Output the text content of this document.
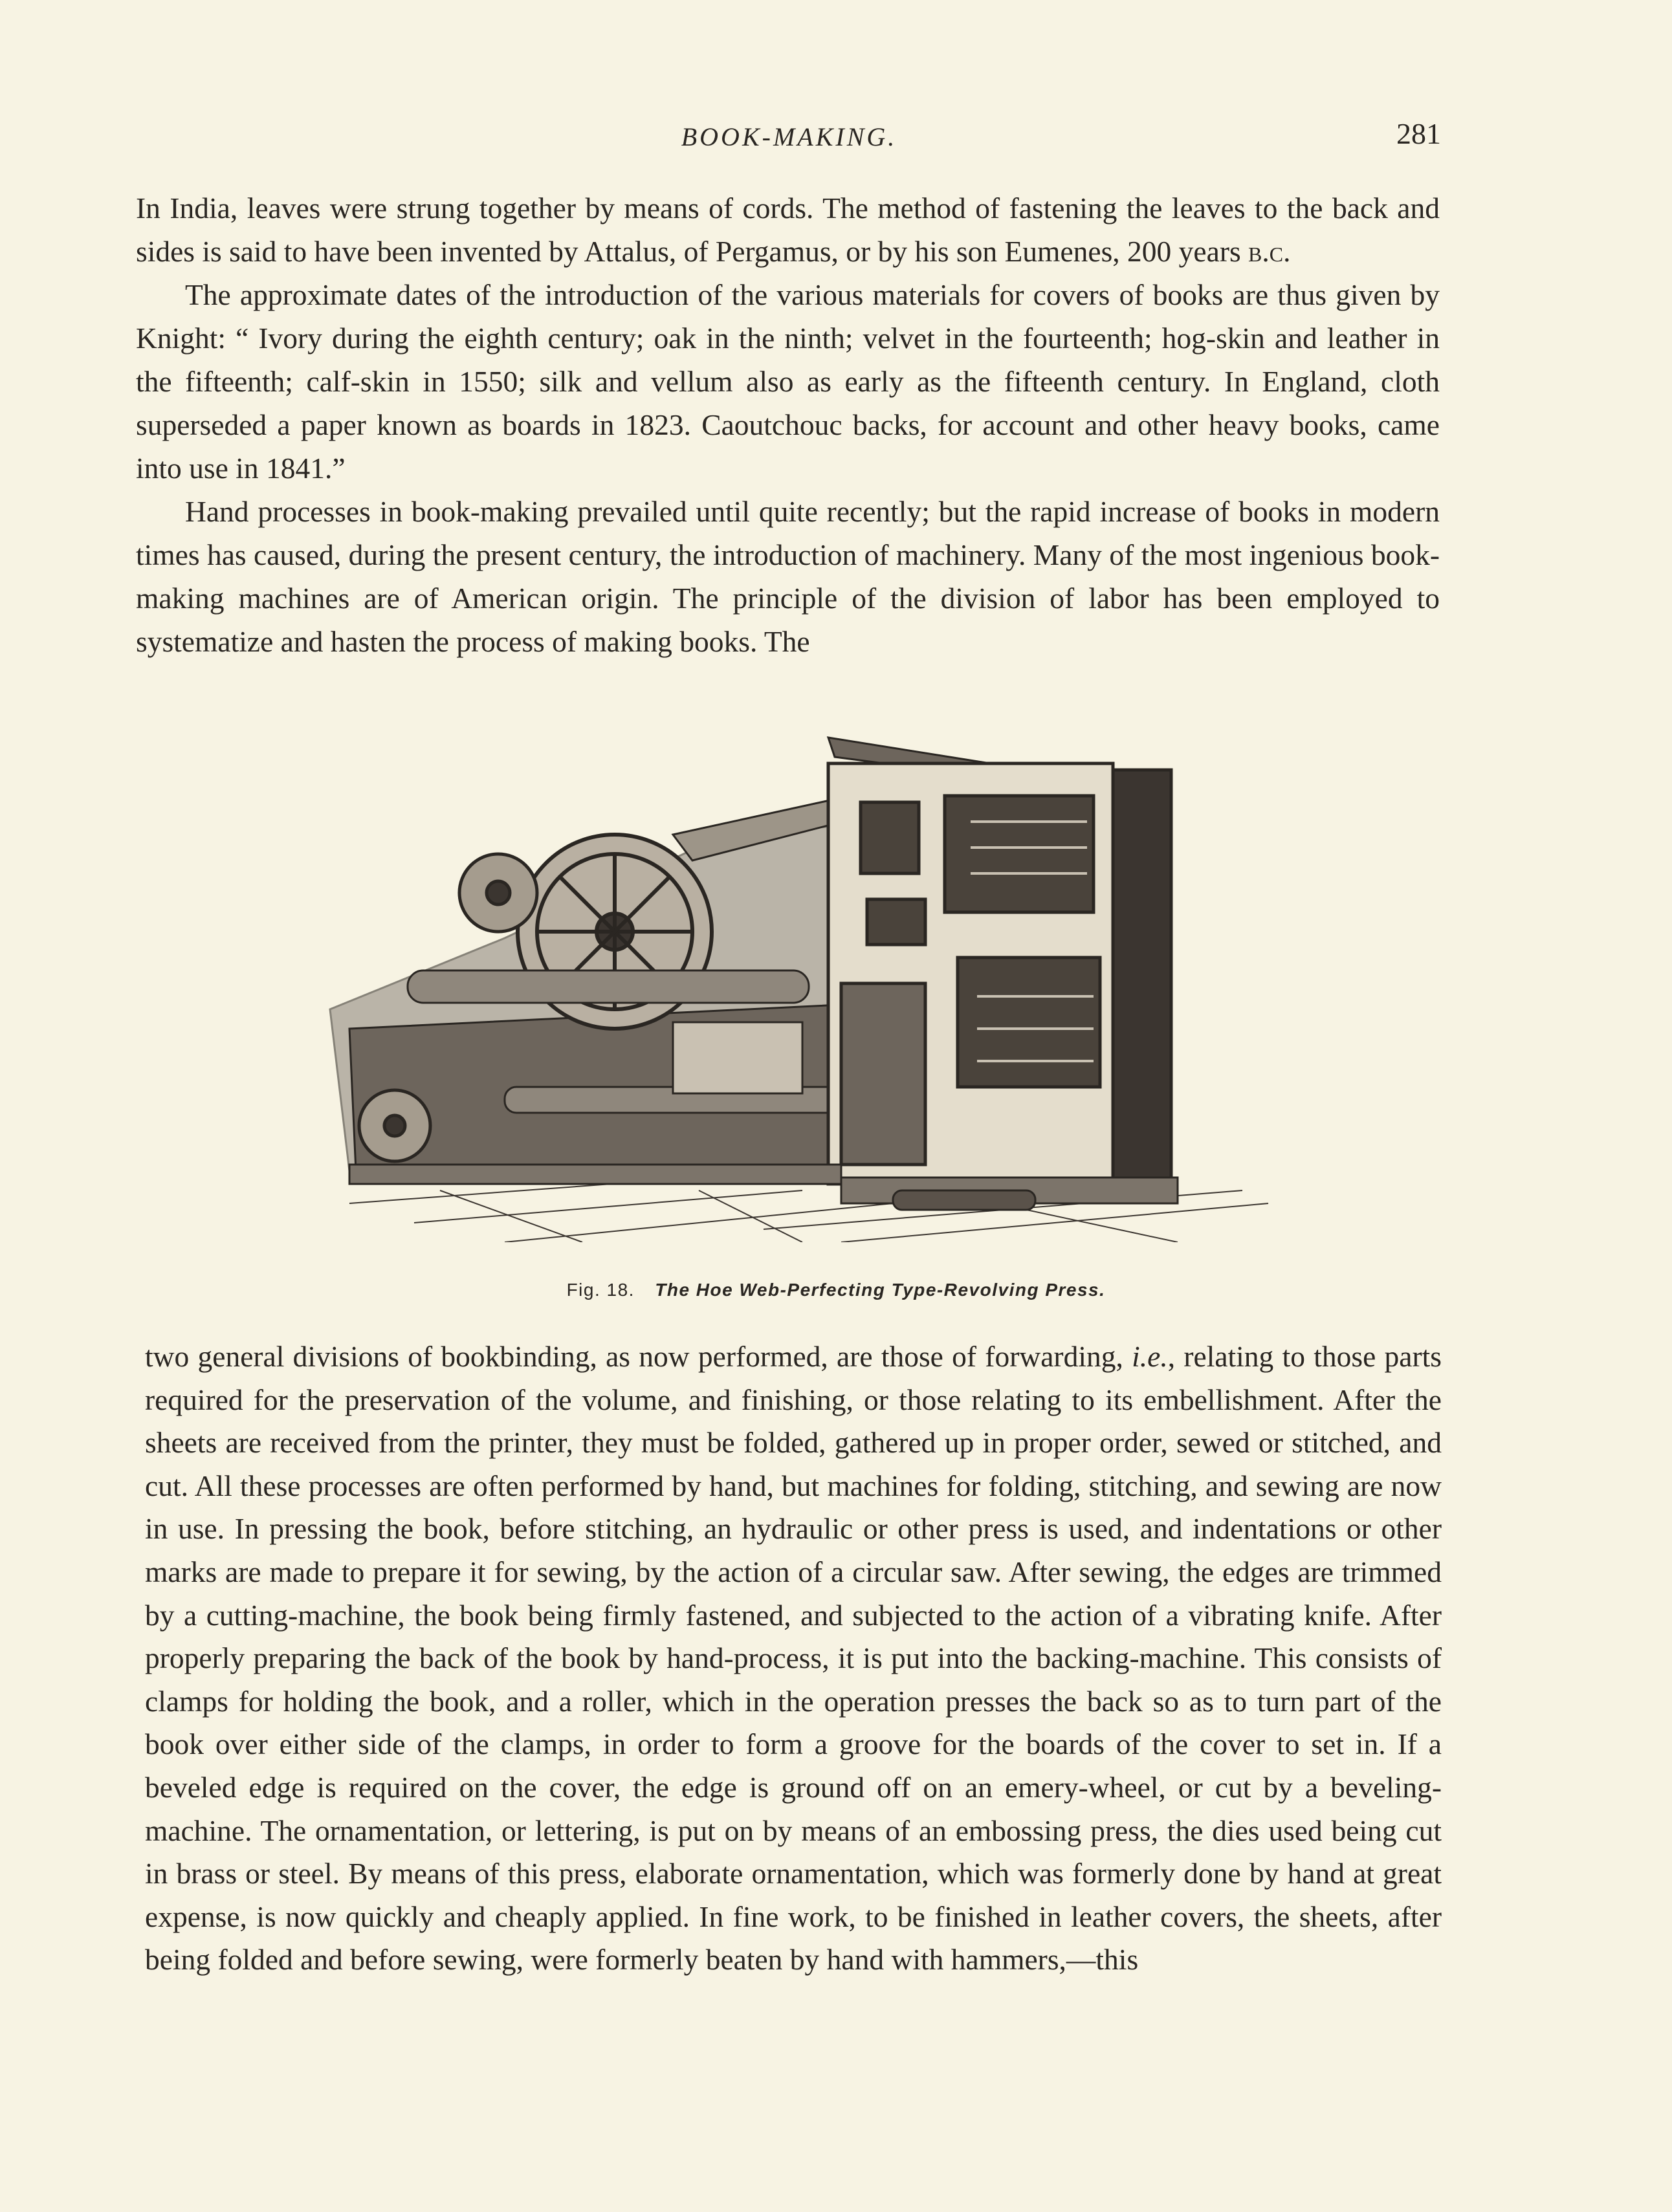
BOOK-MAKING.	281

In India, leaves were strung together by means of cords. The method of fastening the leaves to the back and sides is said to have been invented by Attalus, of Pergamus, or by his son Eumenes, 200 years b.c.

The approximate dates of the introduction of the various materials for covers of books are thus given by Knight: “ Ivory during the eighth century; oak in the ninth; velvet in the fourteenth; hog-skin and leather in the fifteenth; calf-skin in 1550; silk and vellum also as early as the fifteenth century. In England, cloth superseded a paper known as boards in 1823. Caoutchouc backs, for account and other heavy books, came into use in 1841.”

Hand processes in book-making prevailed until quite recently; but the rapid increase of books in modern times has caused, during the present century, the introduction of machinery. Many of the most ingenious book-making machines are of American origin. The principle of the division of labor has been employed to systematize and hasten the process of making books. The

Fig. 18. The Hoe Web-Perfecting Type-Revolving Press.

two general divisions of bookbinding, as now performed, are those of forwarding, i.e., relating to those parts required for the preservation of the volume, and finishing, or those relating to its embellishment. After the sheets are received from the printer, they must be folded, gathered up in proper order, sewed or stitched, and cut. All these processes are often performed by hand, but machines for folding, stitching, and sewing are now in use. In pressing the book, before stitching, an hydraulic or other press is used, and indentations or other marks are made to prepare it for sewing, by the action of a circular saw. After sewing, the edges are trimmed by a cutting-machine, the book being firmly fastened, and subjected to the action of a vibrating knife. After properly preparing the back of the book by hand-process, it is put into the backing-machine. This consists of clamps for holding the book, and a roller, which in the operation presses the back so as to turn part of the book over either side of the clamps, in order to form a groove for the boards of the cover to set in. If a beveled edge is required on the cover, the edge is ground off on an emery-wheel, or cut by a beveling-machine. The ornamentation, or lettering, is put on by means of an embossing press, the dies used being cut in brass or steel. By means of this press, elaborate ornamentation, which was formerly done by hand at great expense, is now quickly and cheaply applied. In fine work, to be finished in leather covers, the sheets, after being folded and before sewing, were formerly beaten by hand with hammers,—this
